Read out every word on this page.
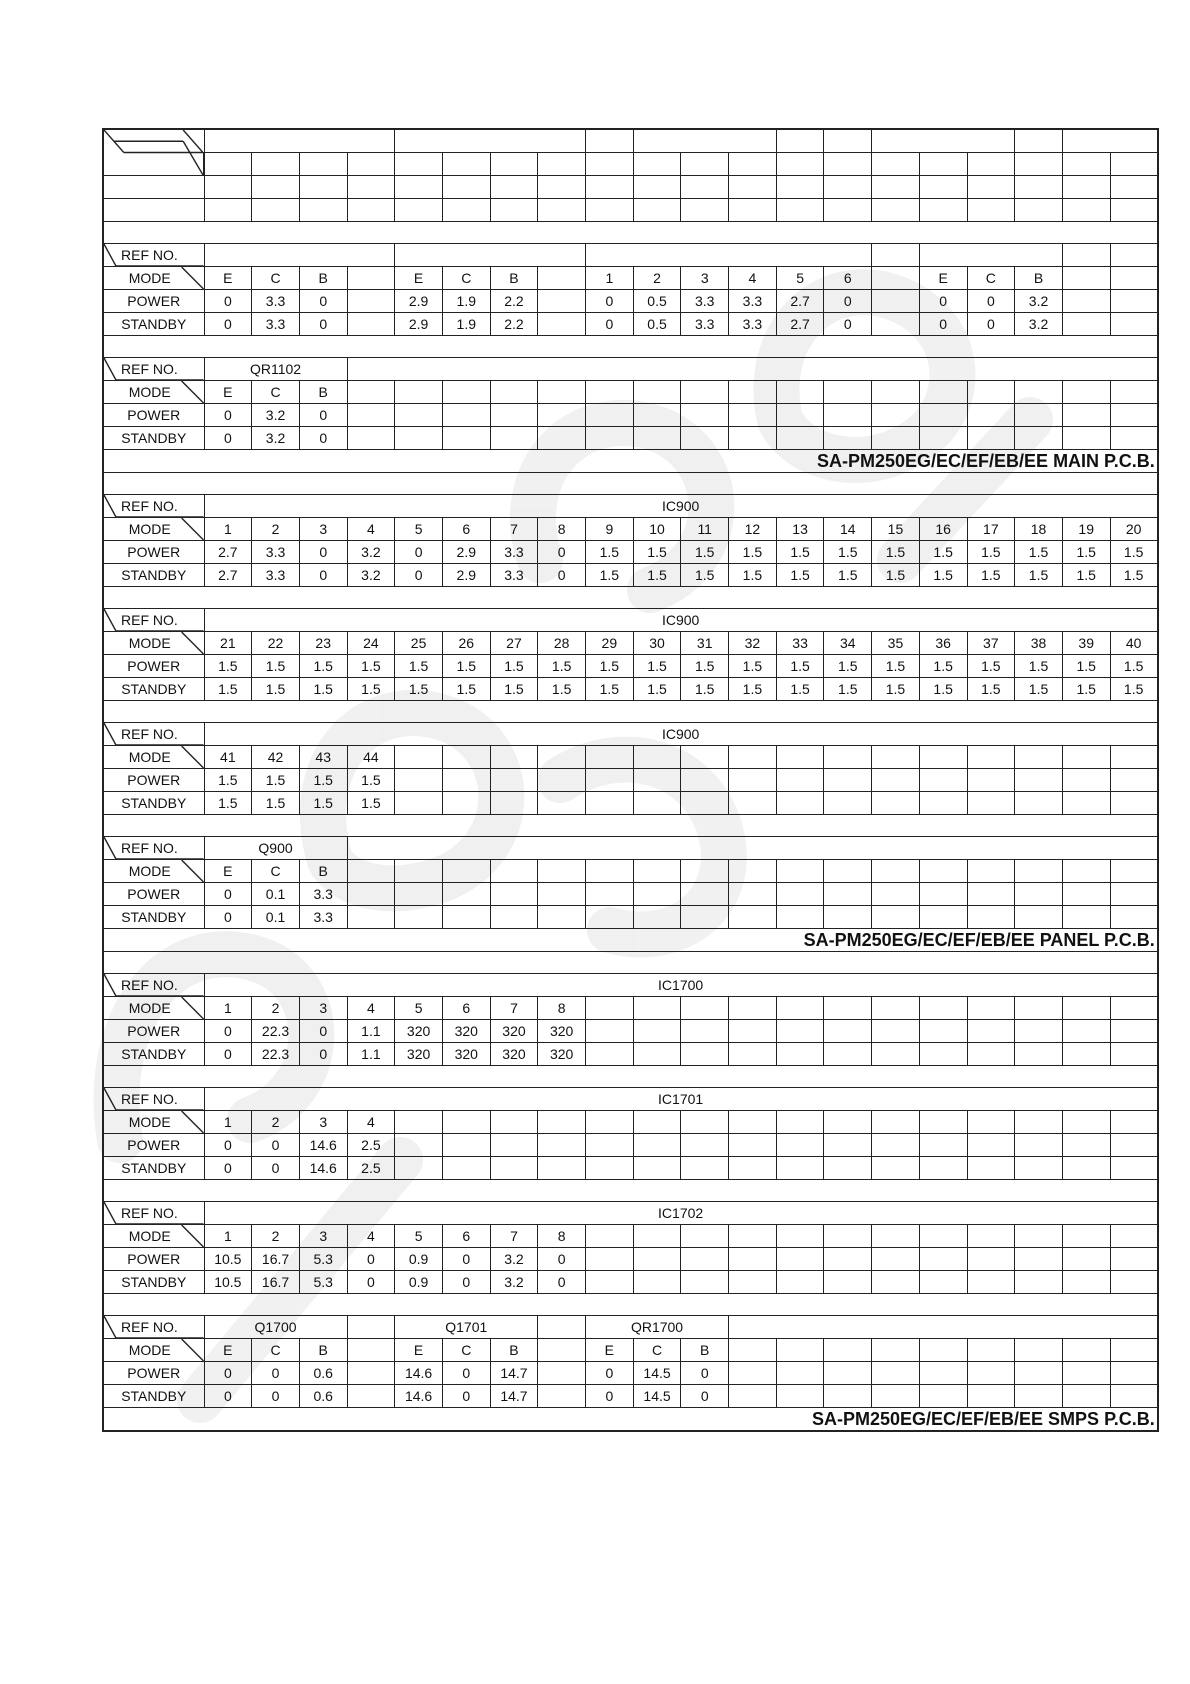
REF NO.																				

MODE	E	C	B		E	C	B		1	2	3	4	5	6		E	C	B		
POWER	0	3.3	0		2.9	1.9	2.2		0	0.5	3.3	3.3	2.7	0		0	0	3.2		
STANDBY	0	3.3	0		2.9	1.9	2.2		0	0.5	3.3	3.3	2.7	0		0	0	3.2		

REF NO.	QR1102																			

MODE	E	C	B																	
POWER	0	3.2	0																	
STANDBY	0	3.2	0																	
SA-PM250EG/EC/EF/EB/EE MAIN P.C.B.																				

REF NO.	IC900																			

MODE	1	2	3	4	5	6	7	8	9	10	11	12	13	14	15	16	17	18	19	20
POWER	2.7	3.3	0	3.2	0	2.9	3.3	0	1.5	1.5	1.5	1.5	1.5	1.5	1.5	1.5	1.5	1.5	1.5	1.5
STANDBY	2.7	3.3	0	3.2	0	2.9	3.3	0	1.5	1.5	1.5	1.5	1.5	1.5	1.5	1.5	1.5	1.5	1.5	1.5

REF NO.	IC900																			

MODE	21	22	23	24	25	26	27	28	29	30	31	32	33	34	35	36	37	38	39	40
POWER	1.5	1.5	1.5	1.5	1.5	1.5	1.5	1.5	1.5	1.5	1.5	1.5	1.5	1.5	1.5	1.5	1.5	1.5	1.5	1.5
STANDBY	1.5	1.5	1.5	1.5	1.5	1.5	1.5	1.5	1.5	1.5	1.5	1.5	1.5	1.5	1.5	1.5	1.5	1.5	1.5	1.5

REF NO.	IC900																			

MODE	41	42	43	44																
POWER	1.5	1.5	1.5	1.5																
STANDBY	1.5	1.5	1.5	1.5																

REF NO.	Q900																			

MODE	E	C	B																	
POWER	0	0.1	3.3																	
STANDBY	0	0.1	3.3																	
SA-PM250EG/EC/EF/EB/EE PANEL P.C.B.																				

REF NO.	IC1700																			

MODE	1	2	3	4	5	6	7	8												
POWER	0	22.3	0	1.1	320	320	320	320												
STANDBY	0	22.3	0	1.1	320	320	320	320												

REF NO.	IC1701																			

MODE	1	2	3	4																
POWER	0	0	14.6	2.5																
STANDBY	0	0	14.6	2.5																

REF NO.	IC1702																			

MODE	1	2	3	4	5	6	7	8												
POWER	10.5	16.7	5.3	0	0.9	0	3.2	0												
STANDBY	10.5	16.7	5.3	0	0.9	0	3.2	0												

REF NO.	Q1700				Q1701				QR1700											

MODE	E	C	B		E	C	B		E	C	B									
POWER	0	0	0.6		14.6	0	14.7		0	14.5	0									
STANDBY	0	0	0.6		14.6	0	14.7		0	14.5	0									
SA-PM250EG/EC/EF/EB/EE SMPS P.C.B.																				
